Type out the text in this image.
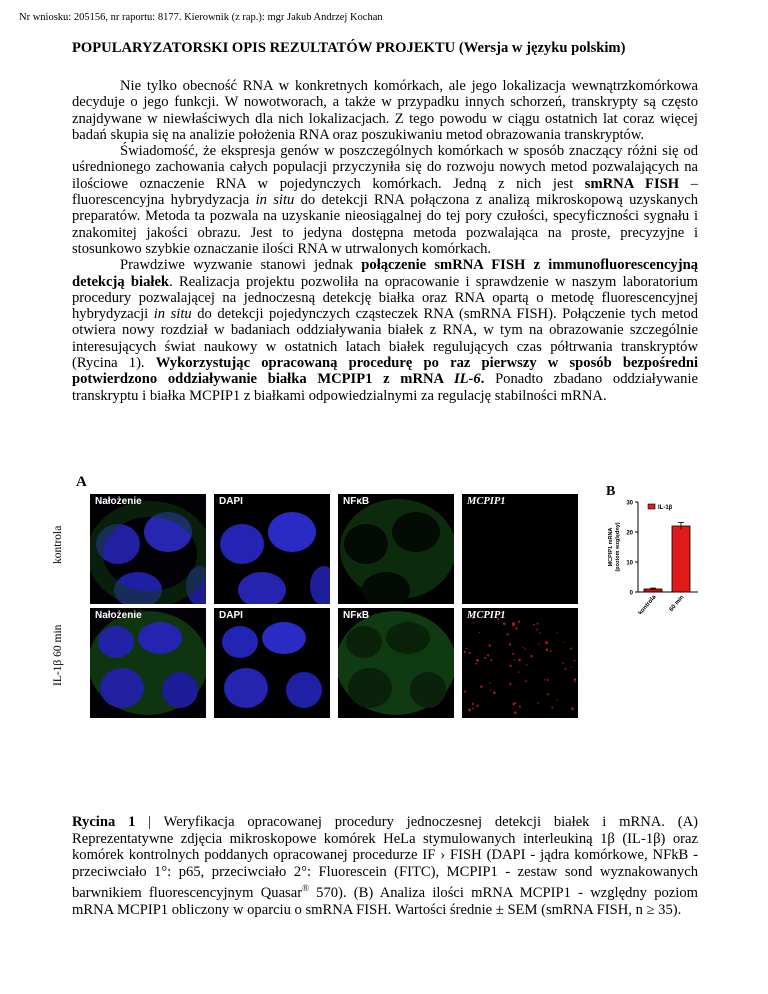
Nr wniosku: 205156, nr raportu: 8177. Kierownik (z rap.): mgr Jakub Andrzej Kochan
POPULARYZATORSKI OPIS REZULTATÓW PROJEKTU (Wersja w języku polskim)

Nie tylko obecność RNA w konkretnych komórkach, ale jego lokalizacja wewnątrzkomórkowa decyduje o jego funkcji. W nowotworach, a także w przypadku innych schorzeń, transkrypty są często znajdywane w niewłaściwych dla nich lokalizacjach. Z tego powodu w ciągu ostatnich lat coraz więcej badań skupia się na analizie położenia RNA oraz poszukiwaniu metod obrazowania transkryptów.

Świadomość, że ekspresja genów w poszczególnych komórkach w sposób znaczący różni się od uśrednionego zachowania całych populacji przyczyniła się do rozwoju nowych metod pozwalających na ilościowe oznaczenie RNA w pojedynczych komórkach. Jedną z nich jest smRNA FISH – fluorescencyjna hybrydyzacja in situ do detekcji RNA połączona z analizą mikroskopową uzyskanych preparatów. Metoda ta pozwala na uzyskanie nieosiągalnej do tej pory czułości, specyficzności sygnału i znakomitej jakości obrazu. Jest to jedyna dostępna metoda pozwalająca na proste, precyzyjne i stosunkowo szybkie oznaczanie ilości RNA w utrwalonych komórkach.

Prawdziwe wyzwanie stanowi jednak połączenie smRNA FISH z immunofluorescencyjną detekcją białek. Realizacja projektu pozwoliła na opracowanie i sprawdzenie w naszym laboratorium procedury pozwalającej na jednoczesną detekcję białka oraz RNA opartą o metodę fluorescencyjnej hybrydyzacji in situ do detekcji pojedynczych cząsteczek RNA (smRNA FISH). Połączenie tych metod otwiera nowy rozdział w badaniach oddziaływania białek z RNA, w tym na obrazowanie szczególnie interesujących świat naukowy w ostatnich latach białek regulujących czas półtrwania transkryptów (Rycina 1). Wykorzystując opracowaną procedurę po raz pierwszy w sposób bezpośredni potwierdzono oddziaływanie białka MCPIP1 z mRNA IL-6. Ponadto zbadano oddziaływanie transkryptu i białka MCPIP1 z białkami odpowiedzialnymi za regulację stabilności mRNA.

A
B
kontrola
IL-1β 60 min
Nałożenie	DAPI	NFκB	MCPIP1
Nałożenie	DAPI	NFκB	MCPIP1
0
10
20
30
MCPIP1 mRNA (poziom względny)
kontrola 60 min
IL-1β
Rycina 1 | Weryfikacja opracowanej procedury jednoczesnej detekcji białek i mRNA. (A) Reprezentatywne zdjęcia mikroskopowe komórek HeLa stymulowanych interleukiną 1β (IL-1β) oraz komórek kontrolnych poddanych opracowanej procedurze IF › FISH (DAPI - jądra komórkowe, NFkB - przeciwciało 1°: p65, przeciwciało 2°: Fluorescein (FITC), MCPIP1 - zestaw sond wyznakowanych barwnikiem fluorescencyjnym Quasar® 570). (B) Analiza ilości mRNA MCPIP1 - względny poziom mRNA MCPIP1 obliczony w oparciu o smRNA FISH. Wartości średnie ± SEM (smRNA FISH, n ≥ 35).
